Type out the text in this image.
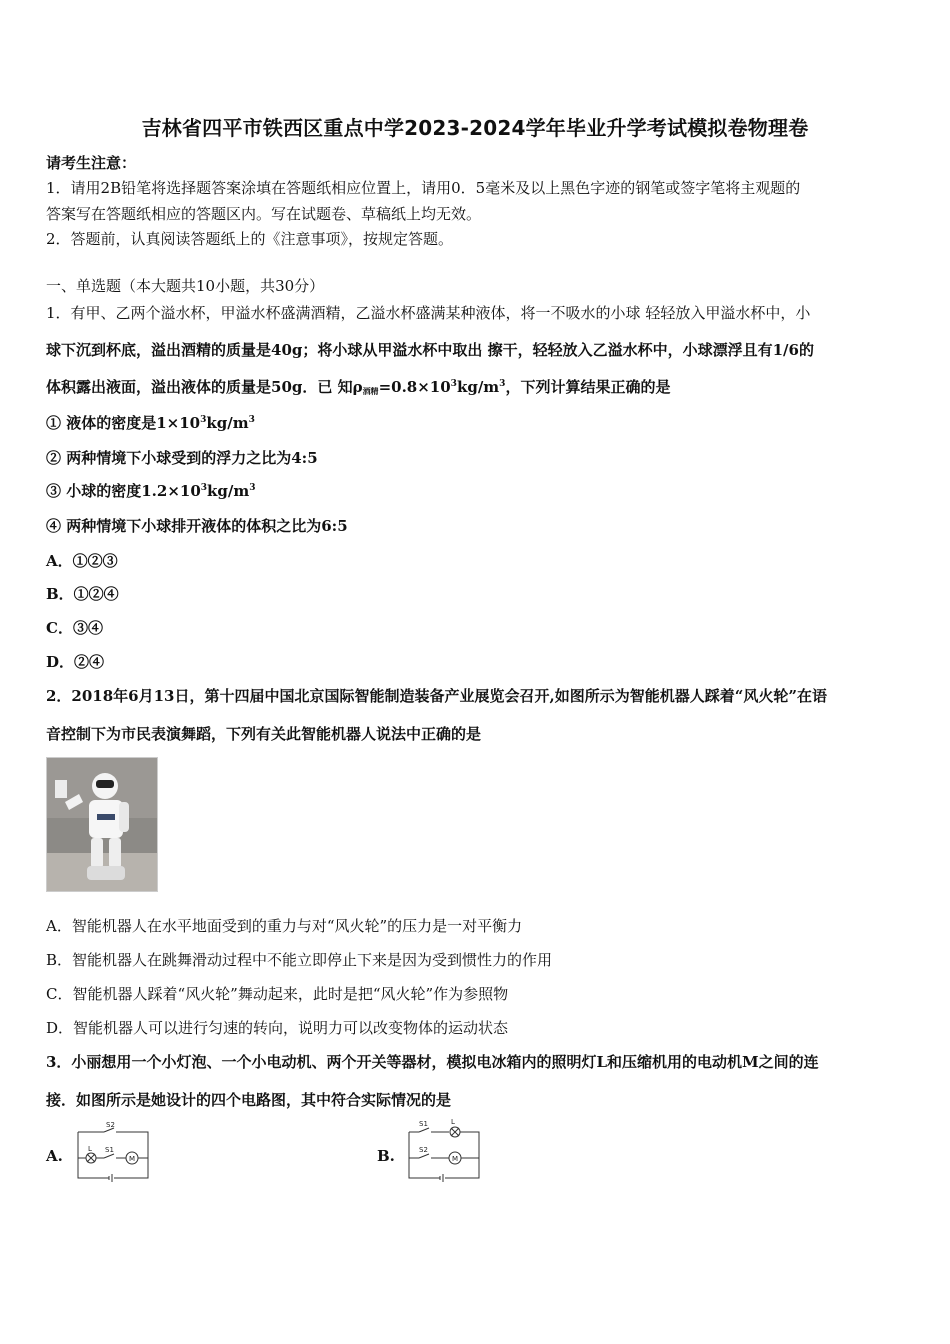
吉林省四平市铁西区重点中学2023-2024学年毕业升学考试模拟卷物理卷
请考生注意：
1．请用2B铅笔将选择题答案涂填在答题纸相应位置上，请用0．5毫米及以上黑色字迹的钢笔或签字笔将主观题的
答案写在答题纸相应的答题区内。写在试题卷、草稿纸上均无效。
2．答题前，认真阅读答题纸上的《注意事项》，按规定答题。
一、单选题（本大题共10小题，共30分）
1．有甲、乙两个溢水杯，甲溢水杯盛满酒精，乙溢水杯盛满某种液体，将一不吸水的小球 轻轻放入甲溢水杯中，小
球下沉到杯底，溢出酒精的质量是40g；将小球从甲溢水杯中取出 擦干，轻轻放入乙溢水杯中，小球漂浮且有1/6的
体积露出液面，溢出液体的质量是50g．已 知$\rho_{酒精}=0.8\times 10^3kg/m^3$，下列计算结果正确的是
① 液体的密度是$1\times 10^3kg/m^3$
② 两种情境下小球受到的浮力之比为4:5
③ 小球的密度$1.2\times 10^3kg/m^3$
④ 两种情境下小球排开液体的体积之比为6:5
A．①②③
B．①②④
C．③④
D．②④
2．2018年6月13日，第十四届中国北京国际智能制造装备产业展览会召开,如图所示为智能机器人踩着“风火轮”在语
音控制下为市民表演舞蹈，下列有关此智能机器人说法中正确的是
A．智能机器人在水平地面受到的重力与对“风火轮”的压力是一对平衡力
B．智能机器人在跳舞滑动过程中不能立即停止下来是因为受到惯性力的作用
C．智能机器人踩着“风火轮”舞动起来，此时是把“风火轮”作为参照物
D．智能机器人可以进行匀速的转向，说明力可以改变物体的运动状态
3．小丽想用一个小灯泡、一个小电动机、两个开关等器材，模拟电冰箱内的照明灯L和压缩机用的电动机M之间的连
接．如图所示是她设计的四个电路图，其中符合实际情况的是
A.
S2
S1
L
M	B.
S1
S2
L
M
